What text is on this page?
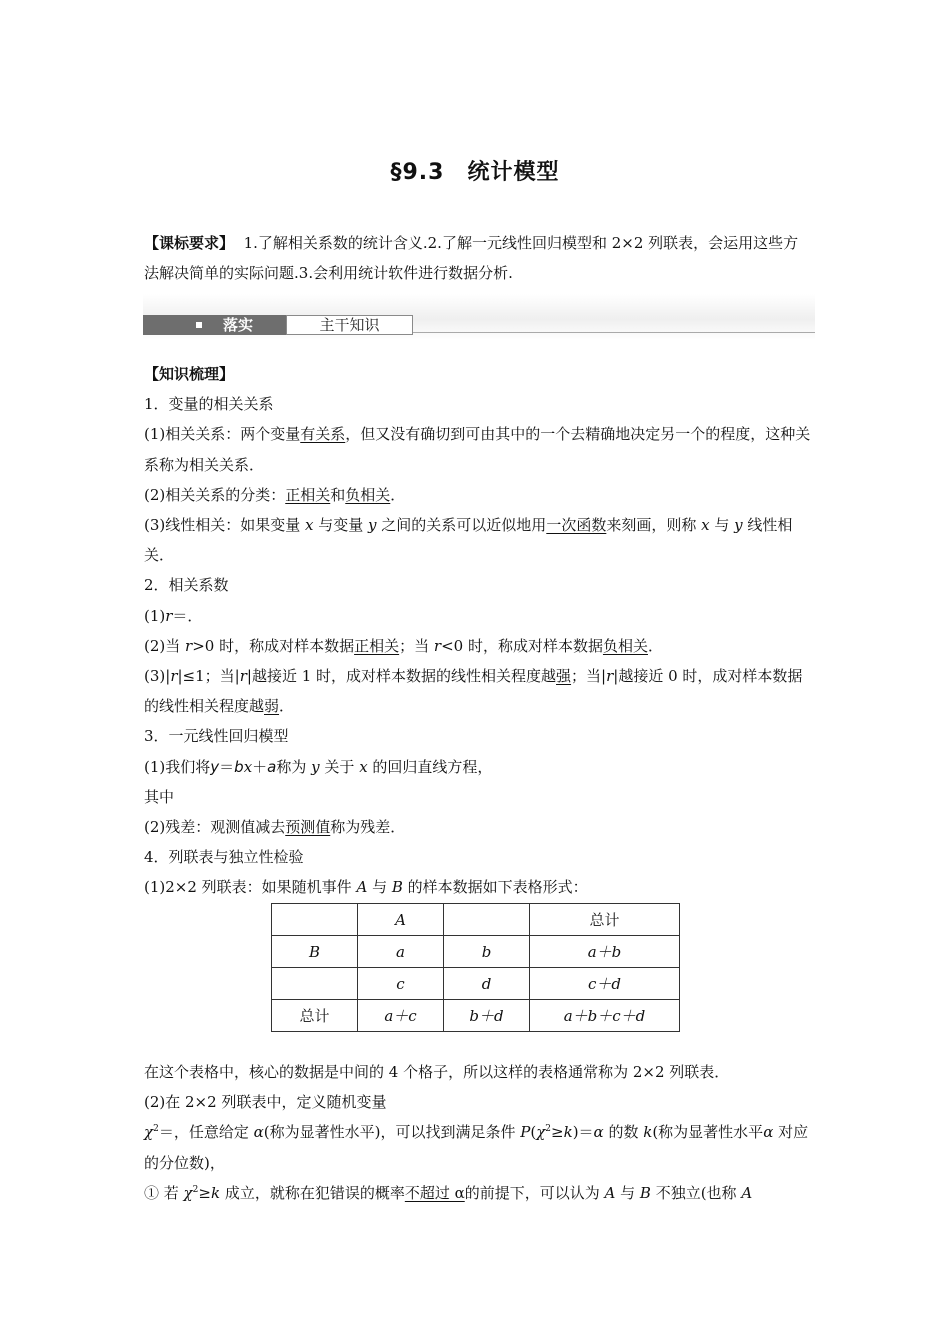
§9.3　统计模型
【课标要求】 1.了解相关系数的统计含义.2.了解一元线性回归模型和 2×2 列联表，会运用这些方法解决简单的实际问题.3.会利用统计软件进行数据分析.
落实	主干知识

【知识梳理】

1．变量的相关关系

(1)相关关系：两个变量有关系，但又没有确切到可由其中的一个去精确地决定另一个的程度，这种关系称为相关关系．

(2)相关关系的分类：正相关和负相关．

(3)线性相关：如果变量 x 与变量 y 之间的关系可以近似地用一次函数来刻画，则称 x 与 y 线性相关．

2．相关系数

(1)r＝．

(2)当 r>0 时，称成对样本数据正相关；当 r<0 时，称成对样本数据负相关．

(3)|r|≤1；当|r|越接近 1 时，成对样本数据的线性相关程度越强；当|r|越接近 0 时，成对样本数据的线性相关程度越弱．

3．一元线性回归模型

(1)我们将y＝bx＋a称为 y 关于 x 的回归直线方程，

其中

(2)残差：观测值减去预测值称为残差．

4．列联表与独立性检验

(1)2×2 列联表：如果随机事件 A 与 B 的样本数据如下表格形式：

	A		总计
B	a	b	a＋b
	c	d	c＋d
总计	a＋c	b＋d	a＋b＋c＋d

在这个表格中，核心的数据是中间的 4 个格子，所以这样的表格通常称为 2×2 列联表．

(2)在 2×2 列联表中，定义随机变量

$\chi^2=$，任意给定 α(称为显著性水平)，可以找到满足条件 $P(\chi^2\ge k)=\alpha$ 的数 k(称为显著性水平α 对应的分位数)，

① 若 $\chi^2\ge k$ 成立，就称在犯错误的概率不超过 α的前提下，可以认为 A 与 B 不独立(也称 A
